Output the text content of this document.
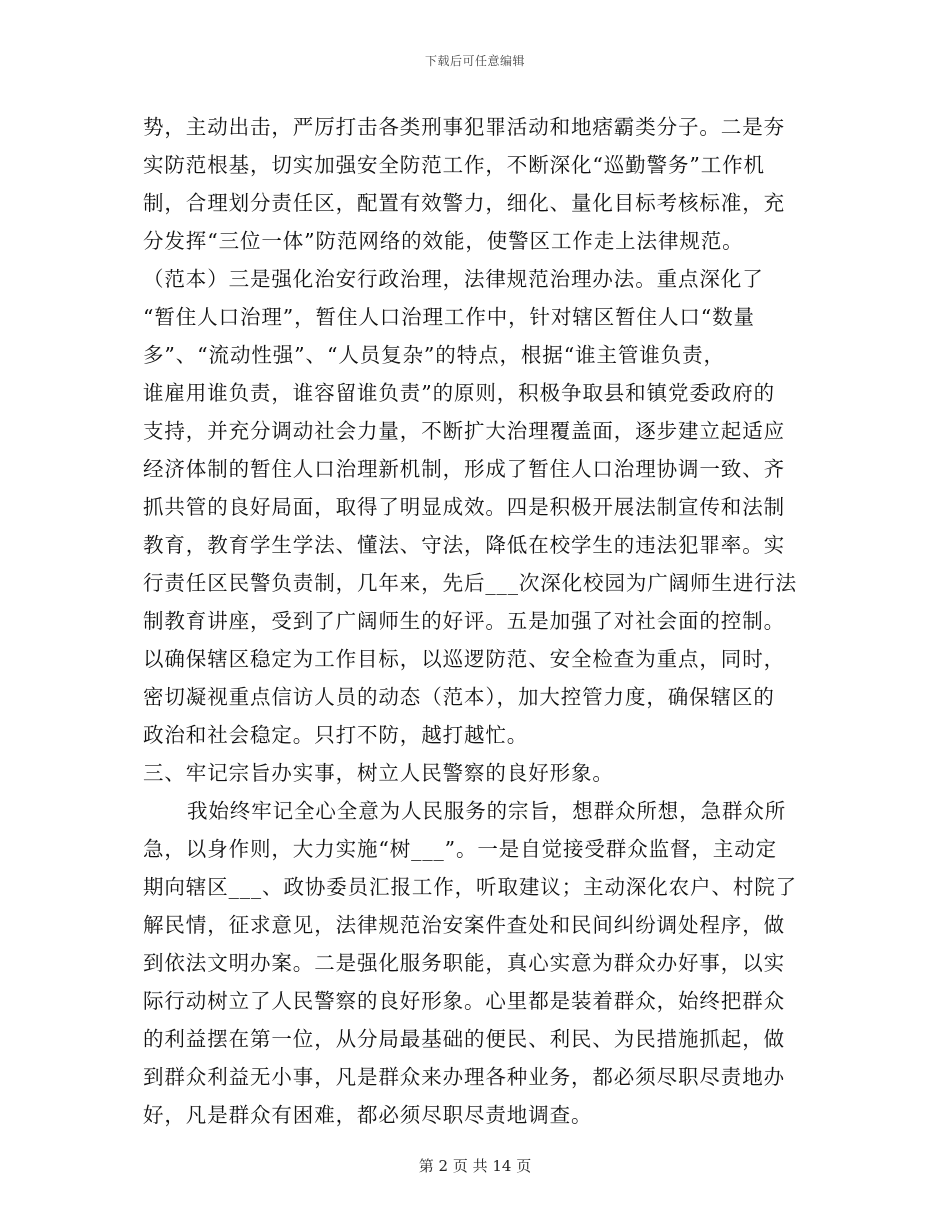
下载后可任意编辑
势，主动出击，严厉打击各类刑事犯罪活动和地痞霸类分子。二是夯
实防范根基，切实加强安全防范工作，不断深化“巡勤警务”工作机
制，合理划分责任区，配置有效警力，细化、量化目标考核标准，充
分发挥“三位一体”防范网络的效能，使警区工作走上法律规范。
（范本）三是强化治安行政治理，法律规范治理办法。重点深化了
“暂住人口治理”，暂住人口治理工作中，针对辖区暂住人口“数量
多”、“流动性强”、“人员复杂”的特点，根据“谁主管谁负责，
谁雇用谁负责，谁容留谁负责”的原则，积极争取县和镇党委政府的
支持，并充分调动社会力量，不断扩大治理覆盖面，逐步建立起适应
经济体制的暂住人口治理新机制，形成了暂住人口治理协调一致、齐
抓共管的良好局面，取得了明显成效。四是积极开展法制宣传和法制
教育，教育学生学法、懂法、守法，降低在校学生的违法犯罪率。实
行责任区民警负责制，几年来，先后___次深化校园为广阔师生进行法
制教育讲座，受到了广阔师生的好评。五是加强了对社会面的控制。
以确保辖区稳定为工作目标，以巡逻防范、安全检查为重点，同时，
密切凝视重点信访人员的动态（范本），加大控管力度，确保辖区的
政治和社会稳定。只打不防，越打越忙。
三、牢记宗旨办实事，树立人民警察的良好形象。
我始终牢记全心全意为人民服务的宗旨，想群众所想，急群众所
急，以身作则，大力实施“树___”。一是自觉接受群众监督，主动定
期向辖区___、政协委员汇报工作，听取建议；主动深化农户、村院了
解民情，征求意见，法律规范治安案件查处和民间纠纷调处程序，做
到依法文明办案。二是强化服务职能，真心实意为群众办好事，以实
际行动树立了人民警察的良好形象。心里都是装着群众，始终把群众
的利益摆在第一位，从分局最基础的便民、利民、为民措施抓起，做
到群众利益无小事，凡是群众来办理各种业务，都必须尽职尽责地办
好，凡是群众有困难，都必须尽职尽责地调查。
第 2 页 共 14 页
